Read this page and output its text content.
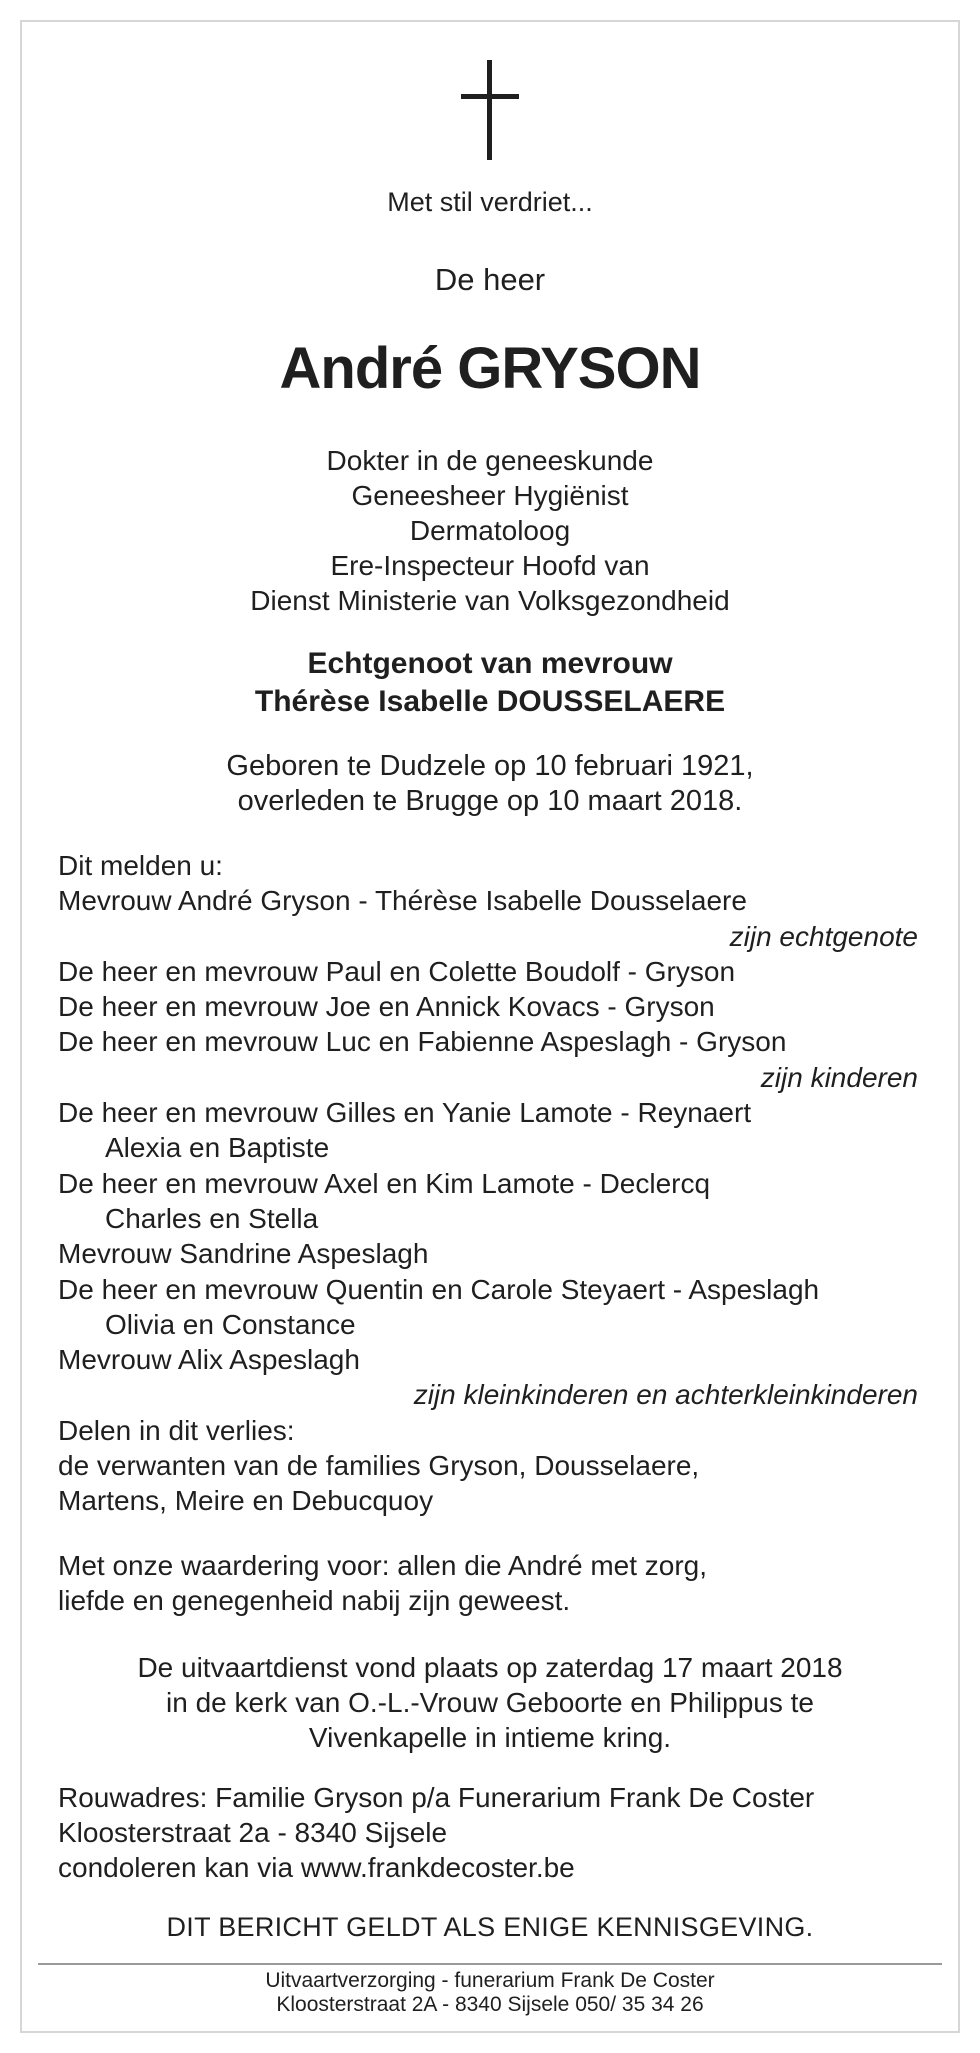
Met stil verdriet...
De heer
André GRYSON
Dokter in de geneeskunde
Geneesheer Hygiënist
Dermatoloog
Ere-Inspecteur Hoofd van
Dienst Ministerie van Volksgezondheid
Echtgenoot van mevrouw
Thérèse Isabelle DOUSSELAERE
Geboren te Dudzele op 10 februari 1921,
overleden te Brugge op 10 maart 2018.
Dit melden u:
Mevrouw André Gryson - Thérèse Isabelle Dousselaere
zijn echtgenote
De heer en mevrouw Paul en Colette Boudolf - Gryson
De heer en mevrouw Joe en Annick Kovacs - Gryson
De heer en mevrouw Luc en Fabienne Aspeslagh - Gryson
zijn kinderen
De heer en mevrouw Gilles en Yanie Lamote - Reynaert
Alexia en Baptiste
De heer en mevrouw Axel en Kim Lamote - Declercq
Charles en Stella
Mevrouw Sandrine Aspeslagh
De heer en mevrouw Quentin en Carole Steyaert - Aspeslagh
Olivia en Constance
Mevrouw Alix Aspeslagh
zijn kleinkinderen en achterkleinkinderen
Delen in dit verlies:
de verwanten van de families Gryson, Dousselaere,
Martens, Meire en Debucquoy
Met onze waardering voor: allen die André met zorg,
liefde en genegenheid nabij zijn geweest.
De uitvaartdienst vond plaats op zaterdag 17 maart 2018
in de kerk van O.-L.-Vrouw Geboorte en Philippus te
Vivenkapelle in intieme kring.
Rouwadres: Familie Gryson p/a Funerarium Frank De Coster
Kloosterstraat 2a - 8340 Sijsele
condoleren kan via www.frankdecoster.be
DIT BERICHT GELDT ALS ENIGE KENNISGEVING.
Uitvaartverzorging - funerarium Frank De Coster
Kloosterstraat 2A - 8340 Sijsele 050/ 35 34 26
